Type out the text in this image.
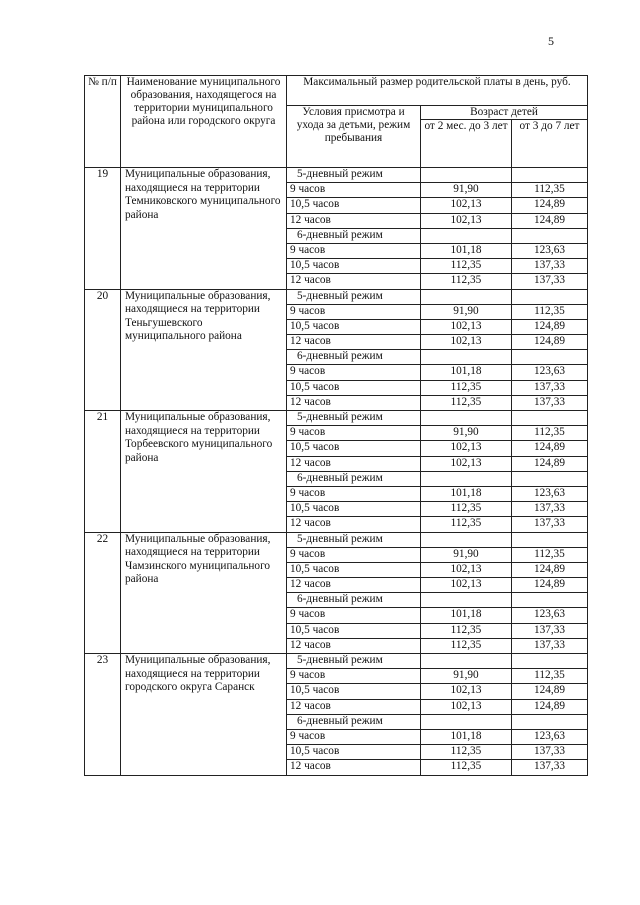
5
№ п/п	Наименование муниципального образования, находящегося на территории муниципального района или городского округа	Максимальный размер родительской платы в день, руб.		
		Условия присмотра и ухода за детьми, режим пребывания	Возраст детей	
			от 2 мес. до 3 лет	от 3 до 7 лет
19	Муниципальные образования, находящиеся на территории Темниковского муниципального района	5-дневный режим		
		9 часов	91,90	112,35
		10,5 часов	102,13	124,89
		12 часов	102,13	124,89
		6-дневный режим		
		9 часов	101,18	123,63
		10,5 часов	112,35	137,33
		12 часов	112,35	137,33
20	Муниципальные образования, находящиеся на территории Теньгушевского муниципального района	5-дневный режим		
		9 часов	91,90	112,35
		10,5 часов	102,13	124,89
		12 часов	102,13	124,89
		6-дневный режим		
		9 часов	101,18	123,63
		10,5 часов	112,35	137,33
		12 часов	112,35	137,33
21	Муниципальные образования, находящиеся на территории Торбеевского муниципального района	5-дневный режим		
		9 часов	91,90	112,35
		10,5 часов	102,13	124,89
		12 часов	102,13	124,89
		6-дневный режим		
		9 часов	101,18	123,63
		10,5 часов	112,35	137,33
		12 часов	112,35	137,33
22	Муниципальные образования, находящиеся на территории Чамзинского муниципального района	5-дневный режим		
		9 часов	91,90	112,35
		10,5 часов	102,13	124,89
		12 часов	102,13	124,89
		6-дневный режим		
		9 часов	101,18	123,63
		10,5 часов	112,35	137,33
		12 часов	112,35	137,33
23	Муниципальные образования, находящиеся на территории городского округа Саранск	5-дневный режим		
		9 часов	91,90	112,35
		10,5 часов	102,13	124,89
		12 часов	102,13	124,89
		6-дневный режим		
		9 часов	101,18	123,63
		10,5 часов	112,35	137,33
		12 часов	112,35	137,33
